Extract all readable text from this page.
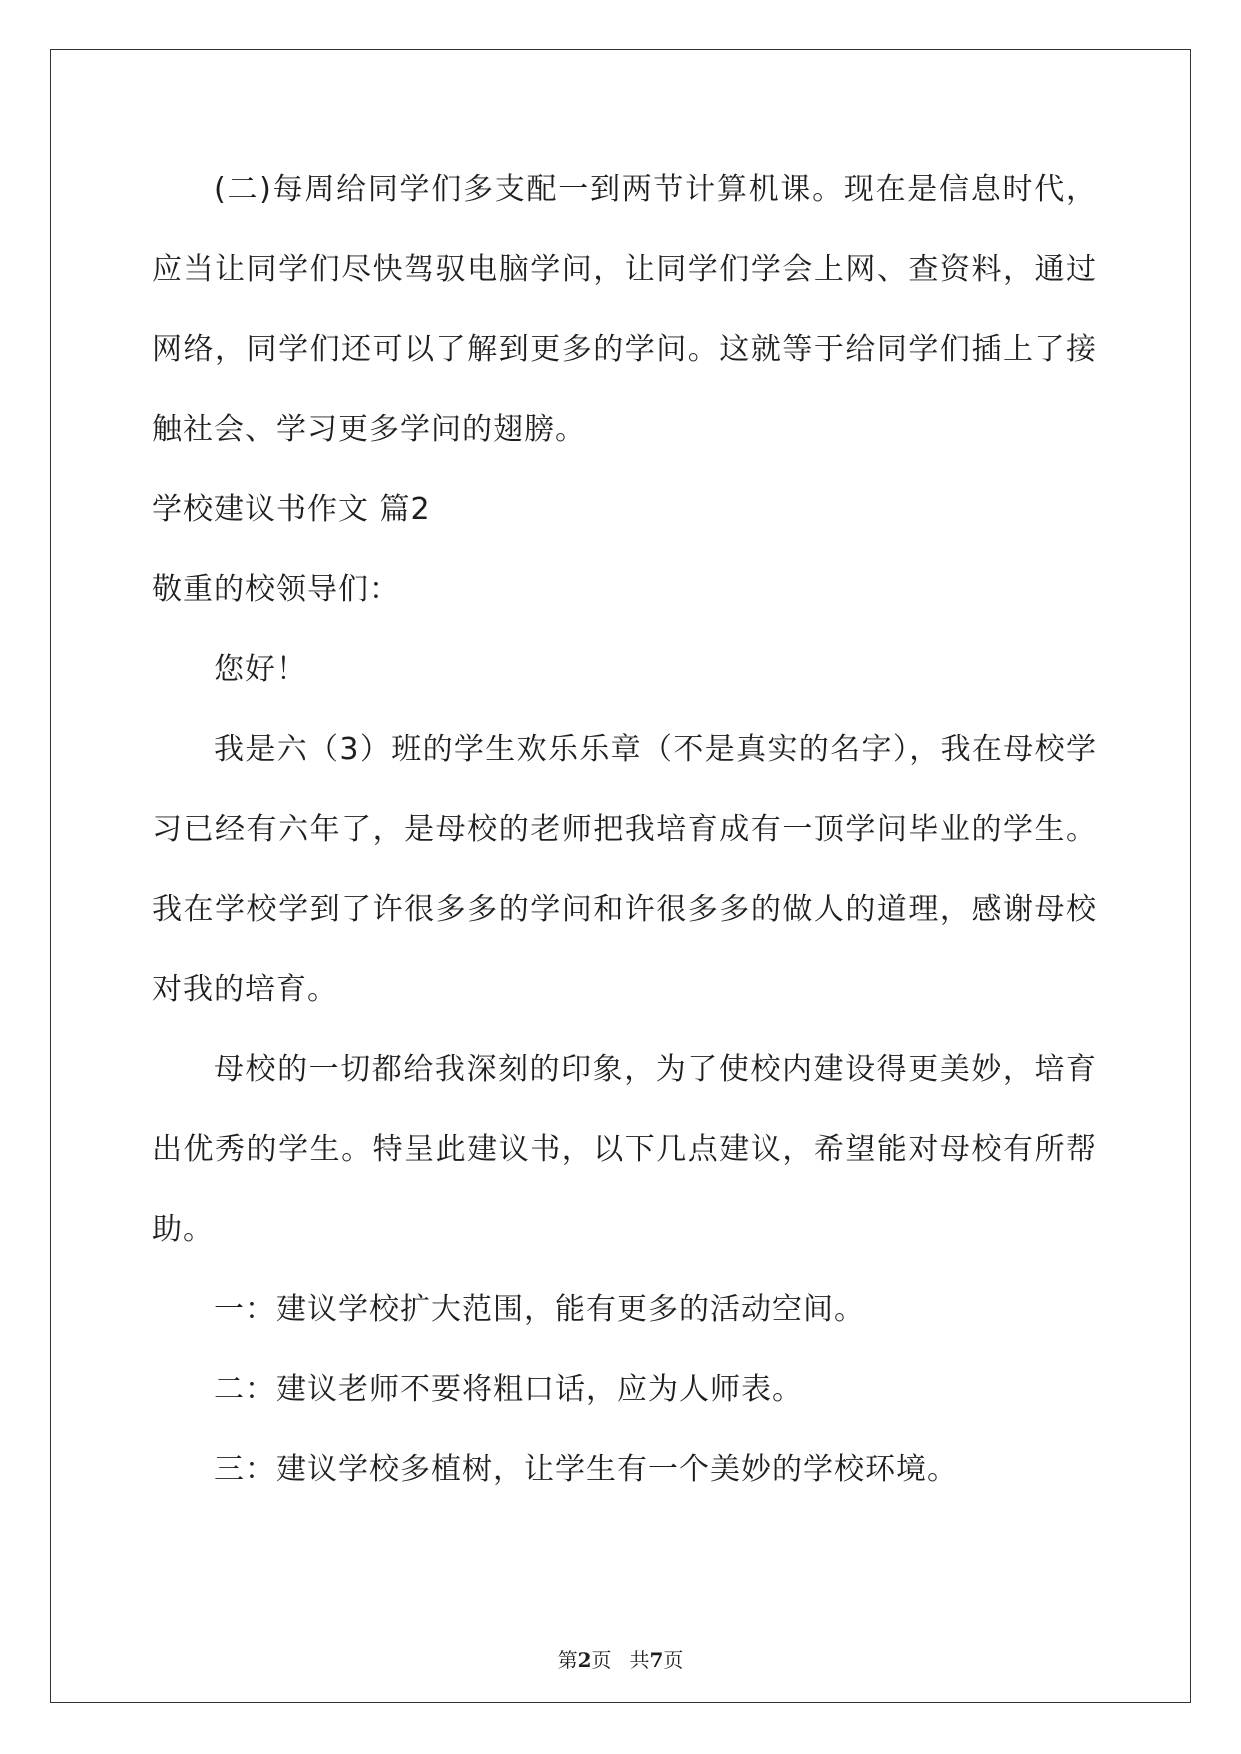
(二)每周给同学们多支配一到两节计算机课。现在是信息时代，
应当让同学们尽快驾驭电脑学问，让同学们学会上网、查资料，通过
网络，同学们还可以了解到更多的学问。这就等于给同学们插上了接
触社会、学习更多学问的翅膀。
学校建议书作文 篇2
敬重的校领导们：
您好！
我是六（3）班的学生欢乐乐章（不是真实的名字），我在母校学
习已经有六年了，是母校的老师把我培育成有一顶学问毕业的学生。
我在学校学到了许很多多的学问和许很多多的做人的道理，感谢母校
对我的培育。
母校的一切都给我深刻的印象，为了使校内建设得更美妙，培育
出优秀的学生。特呈此建议书，以下几点建议，希望能对母校有所帮
助。
一：建议学校扩大范围，能有更多的活动空间。
二：建议老师不要将粗口话，应为人师表。
三：建议学校多植树，让学生有一个美妙的学校环境。
第2页 共7页
